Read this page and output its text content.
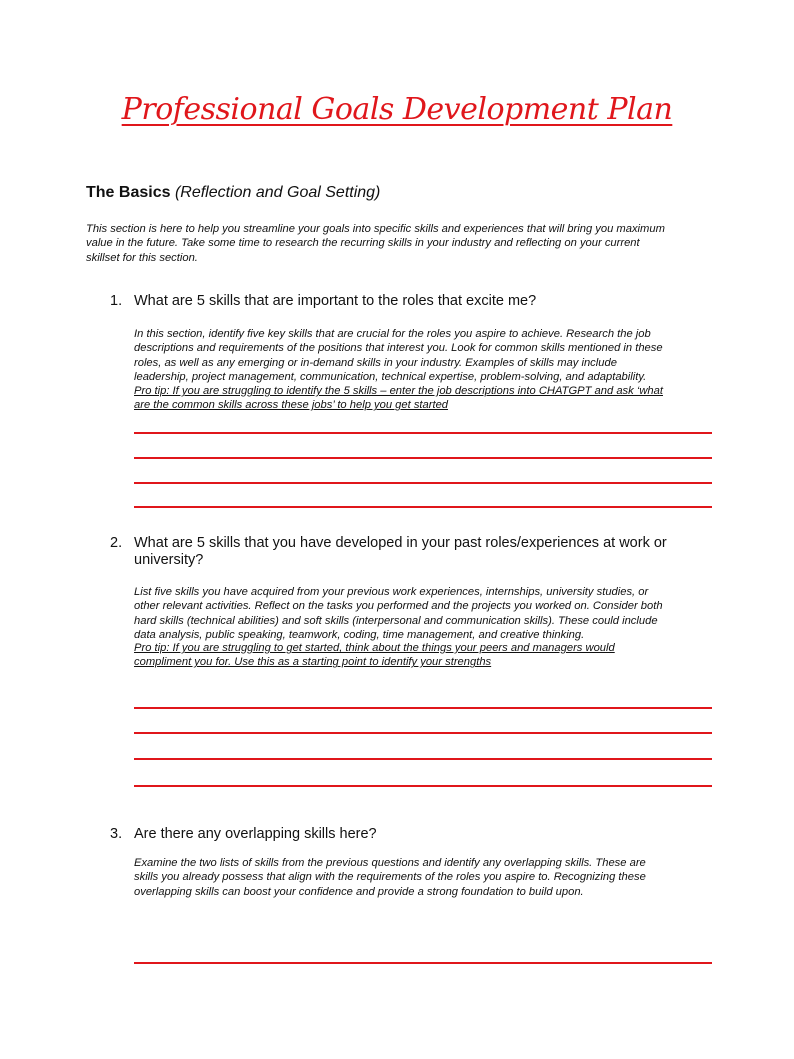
Professional Goals Development Plan
The Basics (Reflection and Goal Setting)
This section is here to help you streamline your goals into specific skills and experiences that will bring you maximum
value in the future. Take some time to research the recurring skills in your industry and reflecting on your current
skillset for this section.
1. What are 5 skills that are important to the roles that excite me?
In this section, identify five key skills that are crucial for the roles you aspire to achieve. Research the job
descriptions and requirements of the positions that interest you. Look for common skills mentioned in these
roles, as well as any emerging or in-demand skills in your industry. Examples of skills may include
leadership, project management, communication, technical expertise, problem-solving, and adaptability.
Pro tip: If you are struggling to identify the 5 skills – enter the job descriptions into CHATGPT and ask ‘what
are the common skills across these jobs’ to help you get started
2. What are 5 skills that you have developed in your past roles/experiences at work or university?
List five skills you have acquired from your previous work experiences, internships, university studies, or
other relevant activities. Reflect on the tasks you performed and the projects you worked on. Consider both
hard skills (technical abilities) and soft skills (interpersonal and communication skills). These could include
data analysis, public speaking, teamwork, coding, time management, and creative thinking.
Pro tip: If you are struggling to get started, think about the things your peers and managers would
compliment you for. Use this as a starting point to identify your strengths
3. Are there any overlapping skills here?
Examine the two lists of skills from the previous questions and identify any overlapping skills. These are
skills you already possess that align with the requirements of the roles you aspire to. Recognizing these
overlapping skills can boost your confidence and provide a strong foundation to build upon.
